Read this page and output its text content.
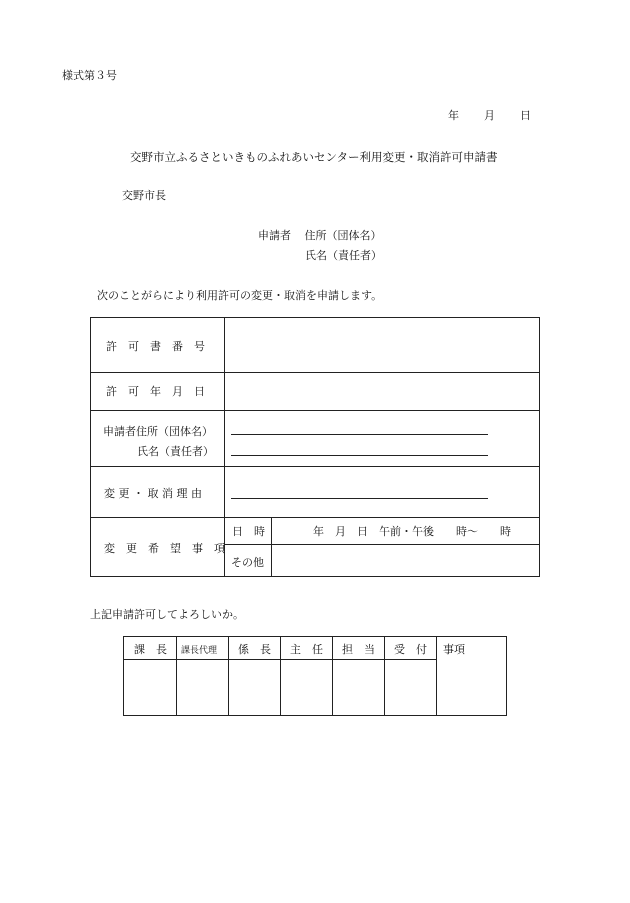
様式第３号
年 月 日
交野市立ふるさといきものふれあいセンター利用変更・取消許可申請書
交野市長
申請者 住所（団体名）
氏名（責任者）
次のことがらにより利用許可の変更・取消を申請します。
許　可　書　番　号
許　可　年　月　日
申請者住所（団体名）
氏名（責任者）
変 更 ・ 取 消 理 由
変　更　希　望　事　項
日　時	年　月　日　午前・午後　　時～　　時
その他
上記申請許可してよろしいか。
課　長 課長代理 係　長 主　任 担　当 受　付 事項
